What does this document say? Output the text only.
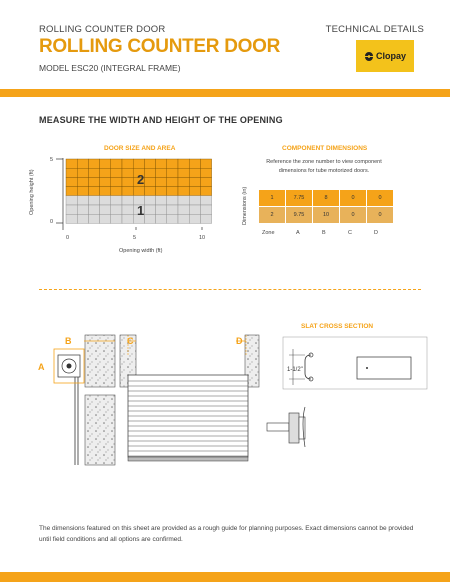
ROLLING COUNTER DOOR	TECHNICAL DETAILS
ROLLING COUNTER DOOR
MODEL ESC20 (INTEGRAL FRAME)
Clopay
MEASURE THE WIDTH AND HEIGHT OF THE OPENING
DOOR SIZE AND AREA
Opening height (ft)
5
0
2
1
0	5	10
Opening width (ft)
COMPONENT DIMENSIONS
Reference the zone number to view component dimensions for tube motorized doors.
Dimensions (in)	1	7.75	8	0	0
2	9.75	10	0	0
Zone	A	B	C	D
A
B	C	D
SLAT CROSS SECTION
1-1/2"
The dimensions featured on this sheet are provided as a rough guide for planning purposes. Exact dimensions cannot be provided until field conditions and all options are confirmed.
